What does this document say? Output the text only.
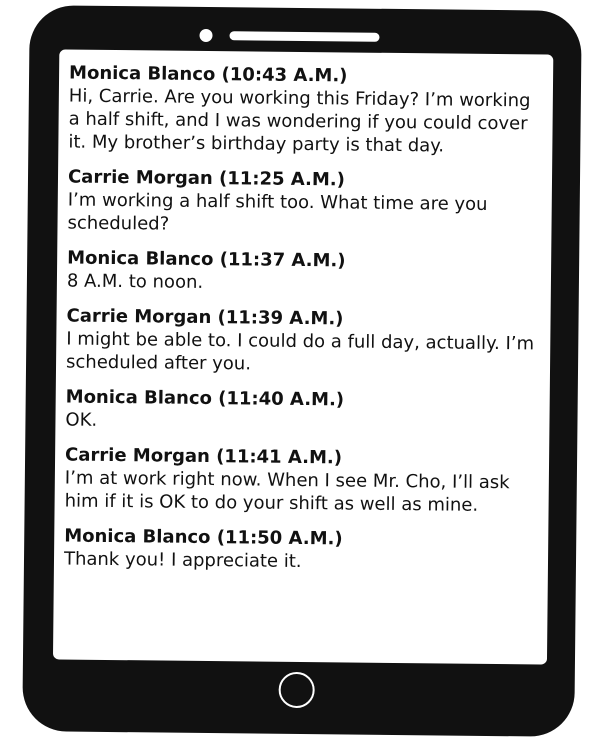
Monica Blanco (10:43 A.M.)
Hi, Carrie. Are you working this Friday? I’m working a half shift, and I was wondering if you could cover it. My brother’s birthday party is that day.
Carrie Morgan (11:25 A.M.)
I’m working a half shift too. What time are you scheduled?
Monica Blanco (11:37 A.M.)
8 A.M. to noon.
Carrie Morgan (11:39 A.M.)
I might be able to. I could do a full day, actually. I’m scheduled after you.
Monica Blanco (11:40 A.M.)
OK.
Carrie Morgan (11:41 A.M.)
I’m at work right now. When I see Mr. Cho, I’ll ask him if it is OK to do your shift as well as mine.
Monica Blanco (11:50 A.M.)
Thank you! I appreciate it.
